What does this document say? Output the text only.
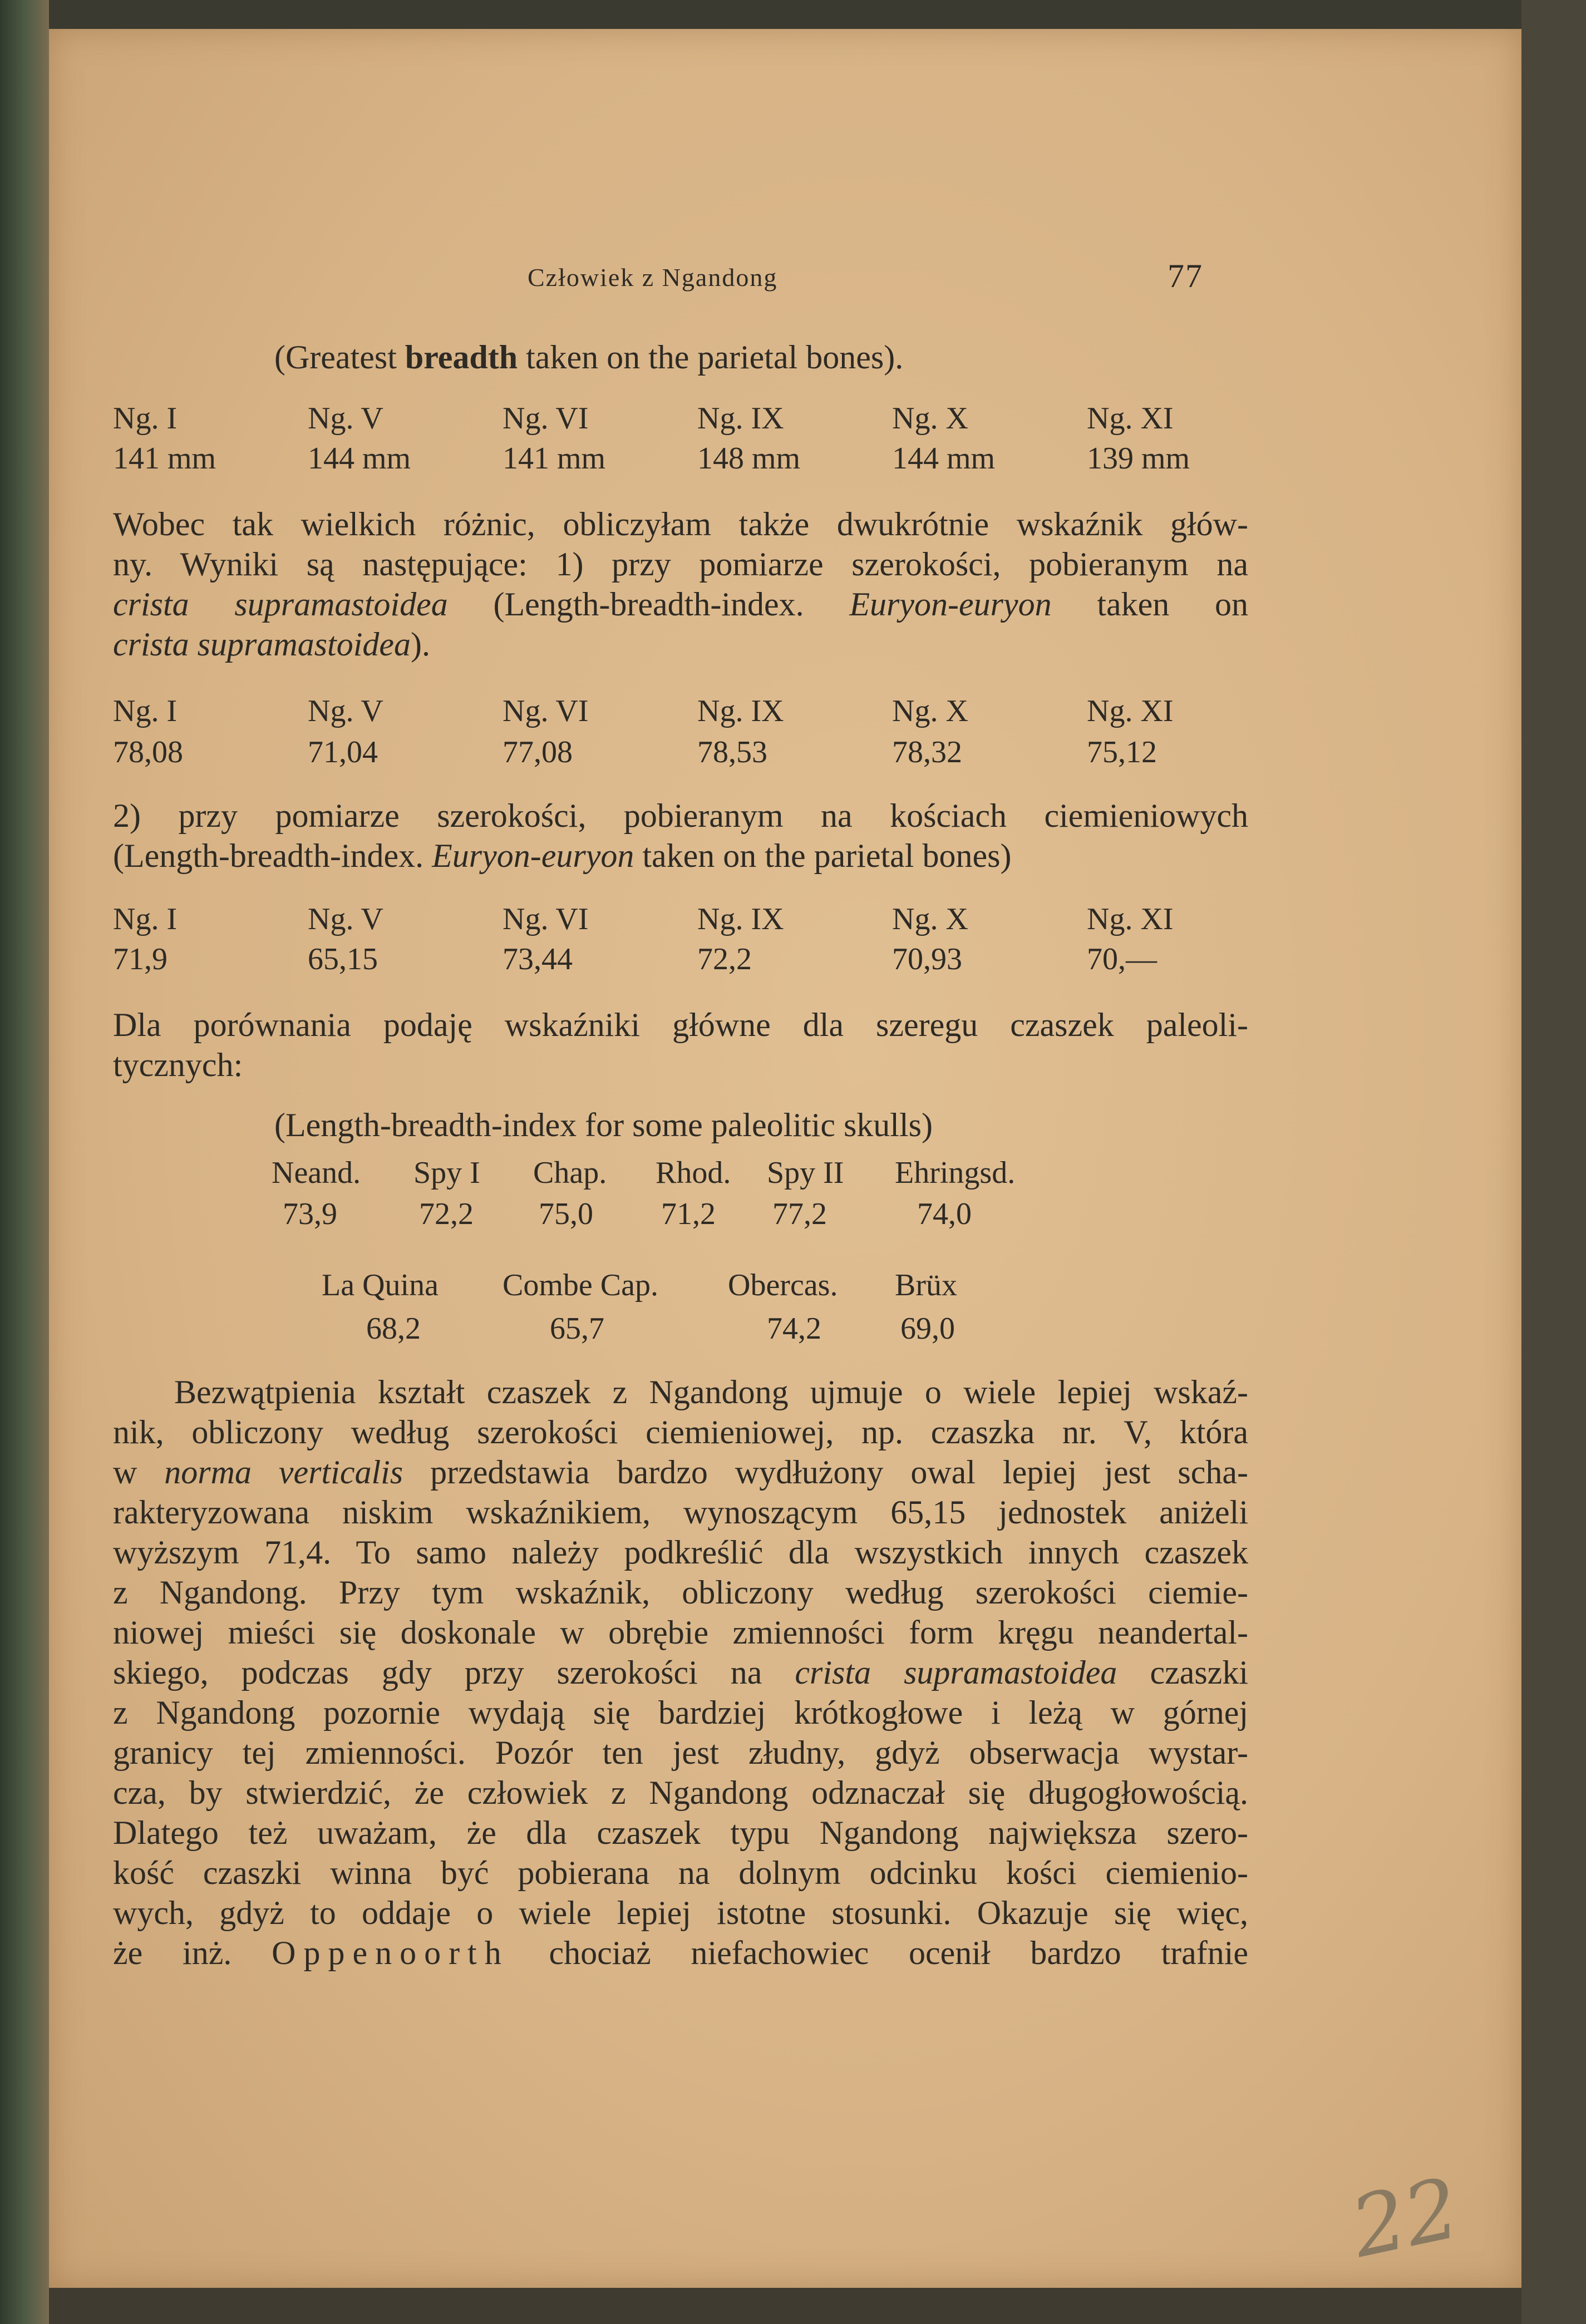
Człowiek z Ngandong	77
(Greatest breadth taken on the parietal bones).
Ng. I	Ng. V	Ng. VI	Ng. IX	Ng. X	Ng. XI
141 mm	144 mm	141 mm	148 mm	144 mm	139 mm
Wobec tak wielkich różnic, obliczyłam także dwukrótnie wskaźnik głów-
ny. Wyniki są następujące: 1) przy pomiarze szerokości, pobieranym na
crista supramastoidea (Length-breadth-index. Euryon-euryon taken on
crista supramastoidea).
Ng. I	Ng. V	Ng. VI	Ng. IX	Ng. X	Ng. XI
78,08	71,04	77,08	78,53	78,32	75,12
2) przy pomiarze szerokości, pobieranym na kościach ciemieniowych
(Length-breadth-index. Euryon-euryon taken on the parietal bones)
Ng. I	Ng. V	Ng. VI	Ng. IX	Ng. X	Ng. XI
71,9	65,15	73,44	72,2	70,93	70,—
Dla porównania podaję wskaźniki główne dla szeregu czaszek paleoli-
tycznych:
(Length-breadth-index for some paleolitic skulls)
Neand. Spy I Chap. Rhod. Spy II Ehringsd.
73,9	72,2 75,0 71,2 77,2	74,0
La Quina Combe Cap. Obercas. Brüx
68,2	65,7	74,2	69,0
Bezwątpienia kształt czaszek z Ngandong ujmuje o wiele lepiej wskaź-
nik, obliczony według szerokości ciemieniowej, np. czaszka nr. V, która
w norma verticalis przedstawia bardzo wydłużony owal lepiej jest scha-
rakteryzowana niskim wskaźnikiem, wynoszącym 65,15 jednostek aniżeli
wyższym 71,4. To samo należy podkreślić dla wszystkich innych czaszek
z Ngandong. Przy tym wskaźnik, obliczony według szerokości ciemie-
niowej mieści się doskonale w obrębie zmienności form kręgu neandertal-
skiego, podczas gdy przy szerokości na crista supramastoidea czaszki
z Ngandong pozornie wydają się bardziej krótkogłowe i leżą w górnej
granicy tej zmienności. Pozór ten jest złudny, gdyż obserwacja wystar-
cza, by stwierdzić, że człowiek z Ngandong odznaczał się długogłowością.
Dlatego też uważam, że dla czaszek typu Ngandong największa szero-
kość czaszki winna być pobierana na dolnym odcinku kości ciemienio-
wych, gdyż to oddaje o wiele lepiej istotne stosunki. Okazuje się więc,
że inż. Oppenoorth chociaż niefachowiec ocenił bardzo trafnie
22
